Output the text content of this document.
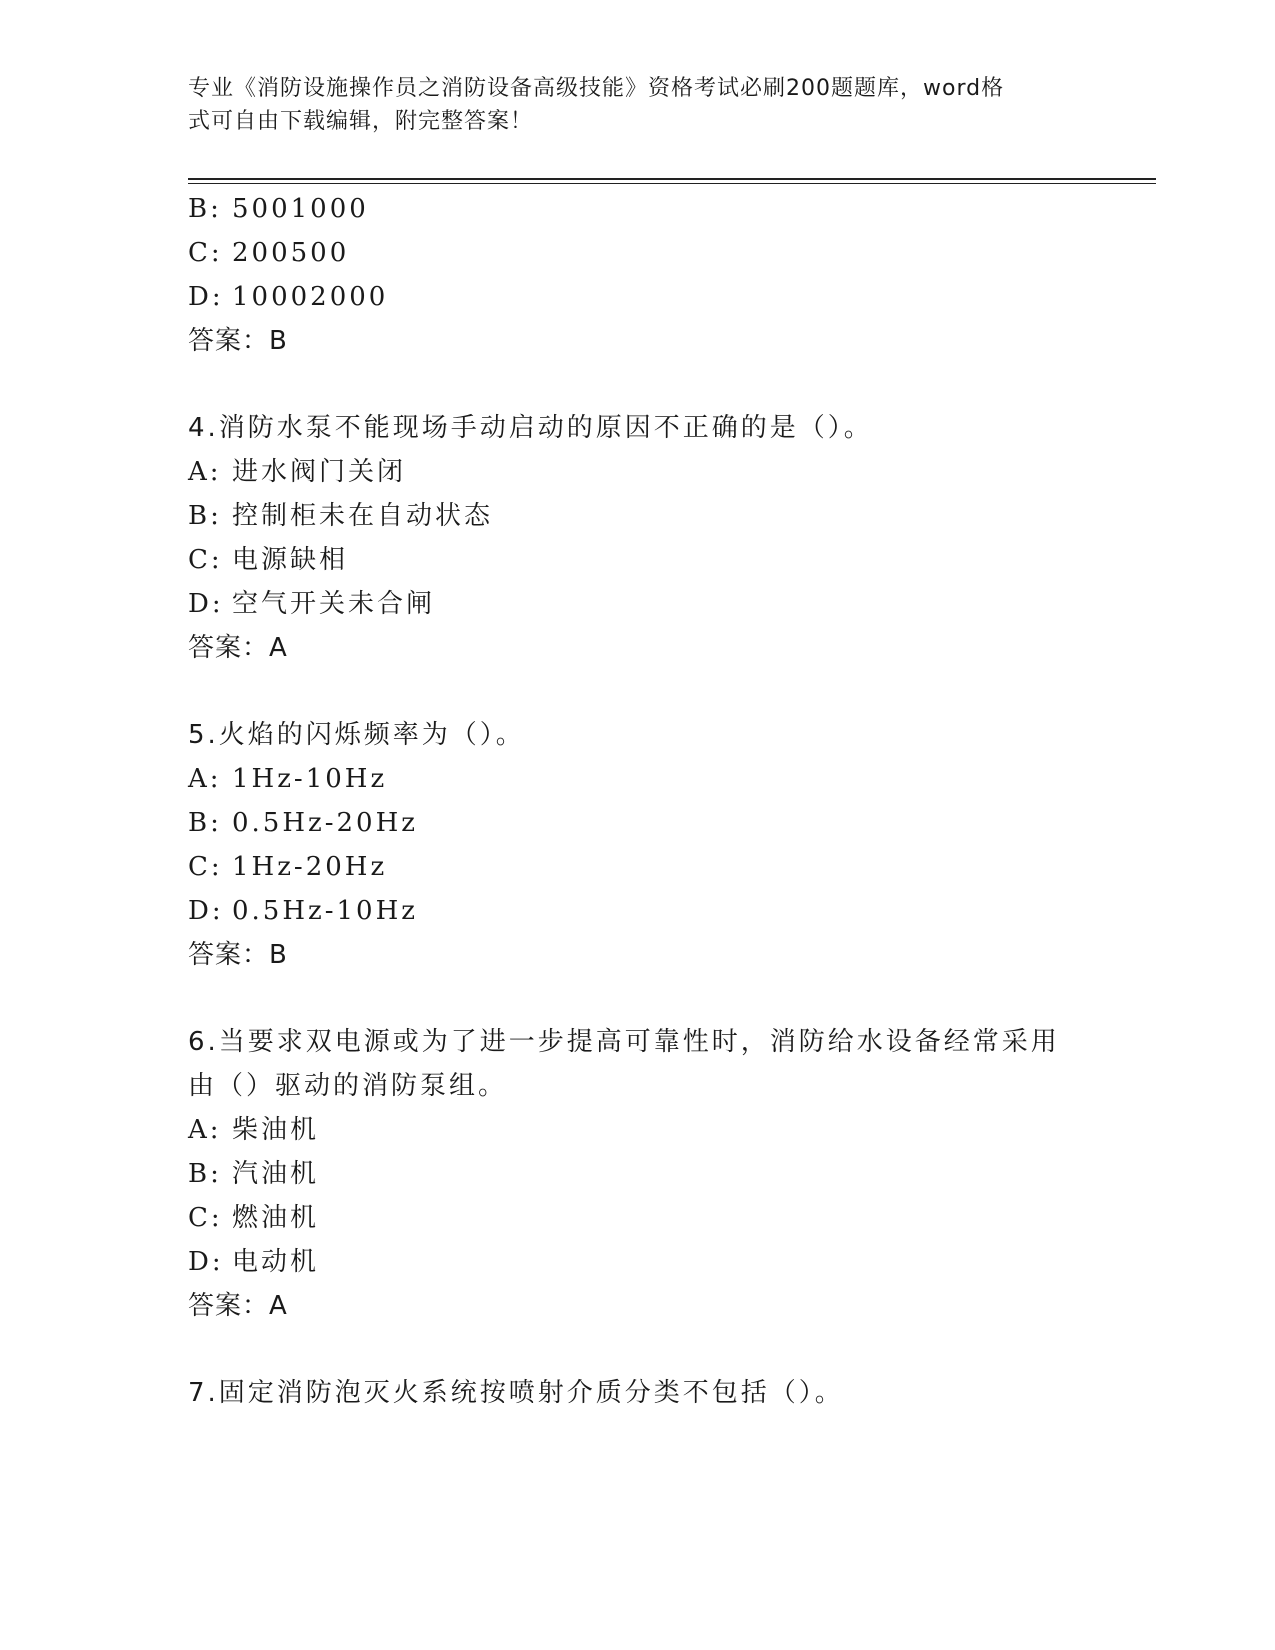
专业《消防设施操作员之消防设备高级技能》资格考试必刷200题题库，word格
式可自由下载编辑，附完整答案！
B: 5001000
C: 200500
D: 10002000
答案：B
4.消防水泵不能现场手动启动的原因不正确的是（）。
A: 进水阀门关闭
B: 控制柜未在自动状态
C: 电源缺相
D: 空气开关未合闸
答案：A
5.火焰的闪烁频率为（）。
A: 1Hz-10Hz
B: 0.5Hz-20Hz
C: 1Hz-20Hz
D: 0.5Hz-10Hz
答案：B
6.当要求双电源或为了进一步提高可靠性时，消防给水设备经常采用
由（）驱动的消防泵组。
A: 柴油机
B: 汽油机
C: 燃油机
D: 电动机
答案：A
7.固定消防泡灭火系统按喷射介质分类不包括（）。
